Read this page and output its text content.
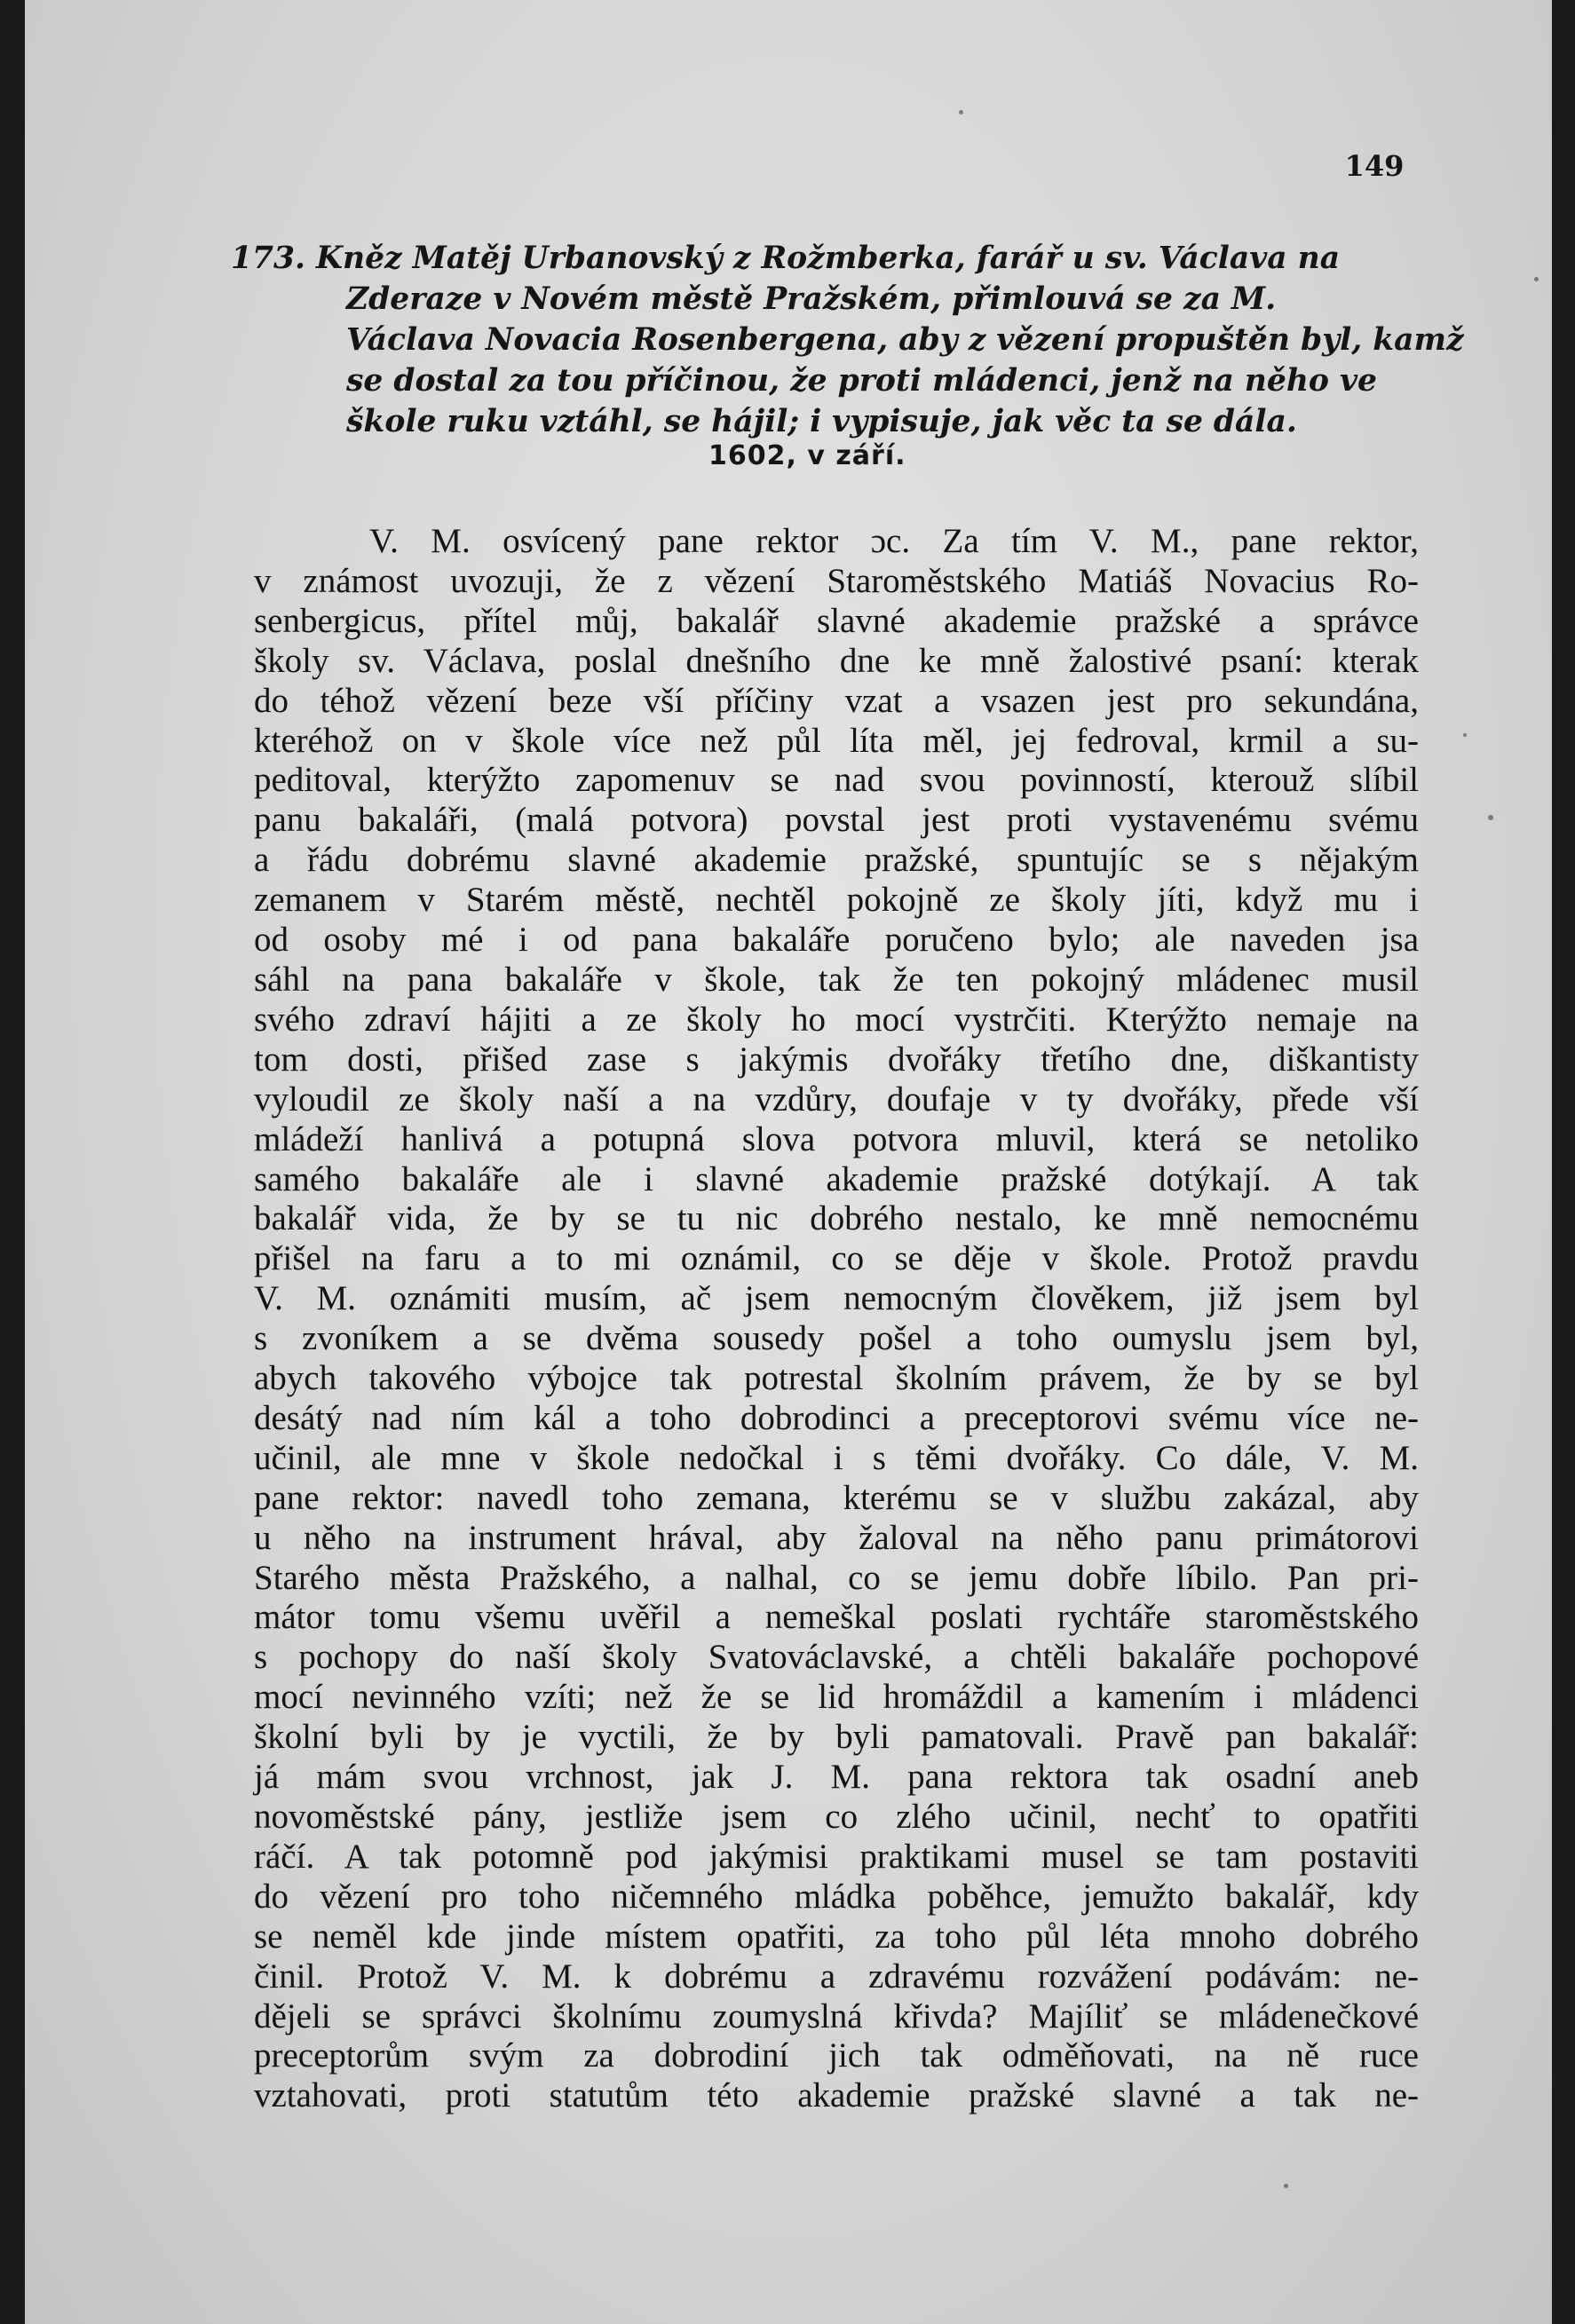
149
173. Kněz Matěj Urbanovský z Rožmberka, farář u sv. Václava na
Zderaze v Novém městě Pražském, přimlouvá se za M.
Václava Novacia Rosenbergena, aby z vězení propuštěn byl, kamž
se dostal za tou příčinou, že proti mládenci, jenž na něho ve
škole ruku vztáhl, se hájil; i vypisuje, jak věc ta se dála.
1602, v září.
V. M. osvícený pane rektor ɔc. Za tím V. M., pane rektor,
v známost uvozuji, že z vězení Staroměstského Matiáš Novacius Ro-
senbergicus, přítel můj, bakalář slavné akademie pražské a správce
školy sv. Václava, poslal dnešního dne ke mně žalostivé psaní: kterak
do téhož vězení beze vší příčiny vzat a vsazen jest pro sekundána,
kteréhož on v škole více než půl líta měl, jej fedroval, krmil a su-
peditoval, kterýžto zapomenuv se nad svou povinností, kterouž slíbil
panu bakaláři, (malá potvora) povstal jest proti vystavenému svému
a řádu dobrému slavné akademie pražské, spuntujíc se s nějakým
zemanem v Starém městě, nechtěl pokojně ze školy jíti, když mu i
od osoby mé i od pana bakaláře poručeno bylo; ale naveden jsa
sáhl na pana bakaláře v škole, tak že ten pokojný mládenec musil
svého zdraví hájiti a ze školy ho mocí vystrčiti. Kterýžto nemaje na
tom dosti, přišed zase s jakýmis dvořáky třetího dne, diškantisty
vyloudil ze školy naší a na vzdůry, doufaje v ty dvořáky, přede vší
mládeží hanlivá a potupná slova potvora mluvil, která se netoliko
samého bakaláře ale i slavné akademie pražské dotýkají. A tak
bakalář vida, že by se tu nic dobrého nestalo, ke mně nemocnému
přišel na faru a to mi oznámil, co se děje v škole. Protož pravdu
V. M. oznámiti musím, ač jsem nemocným člověkem, již jsem byl
s zvoníkem a se dvěma sousedy pošel a toho oumyslu jsem byl,
abych takového výbojce tak potrestal školním právem, že by se byl
desátý nad ním kál a toho dobrodinci a preceptorovi svému více ne-
učinil, ale mne v škole nedočkal i s těmi dvořáky. Co dále, V. M.
pane rektor: navedl toho zemana, kterému se v službu zakázal, aby
u něho na instrument hrával, aby žaloval na něho panu primátorovi
Starého města Pražského, a nalhal, co se jemu dobře líbilo. Pan pri-
mátor tomu všemu uvěřil a nemeškal poslati rychtáře staroměstského
s pochopy do naší školy Svatováclavské, a chtěli bakaláře pochopové
mocí nevinného vzíti; než že se lid hromáždil a kamením i mládenci
školní byli by je vyctili, že by byli pamatovali. Pravě pan bakalář:
já mám svou vrchnost, jak J. M. pana rektora tak osadní aneb
novoměstské pány, jestliže jsem co zlého učinil, nechť to opatřiti
ráčí. A tak potomně pod jakýmisi praktikami musel se tam postaviti
do vězení pro toho ničemného mládka poběhce, jemužto bakalář, kdy
se neměl kde jinde místem opatřiti, za toho půl léta mnoho dobrého
činil. Protož V. M. k dobrému a zdravému rozvážení podávám: ne-
dějeli se správci školnímu zoumyslná křivda? Majíliť se mládenečkové
preceptorům svým za dobrodiní jich tak odměňovati, na ně ruce
vztahovati, proti statutům této akademie pražské slavné a tak ne-
